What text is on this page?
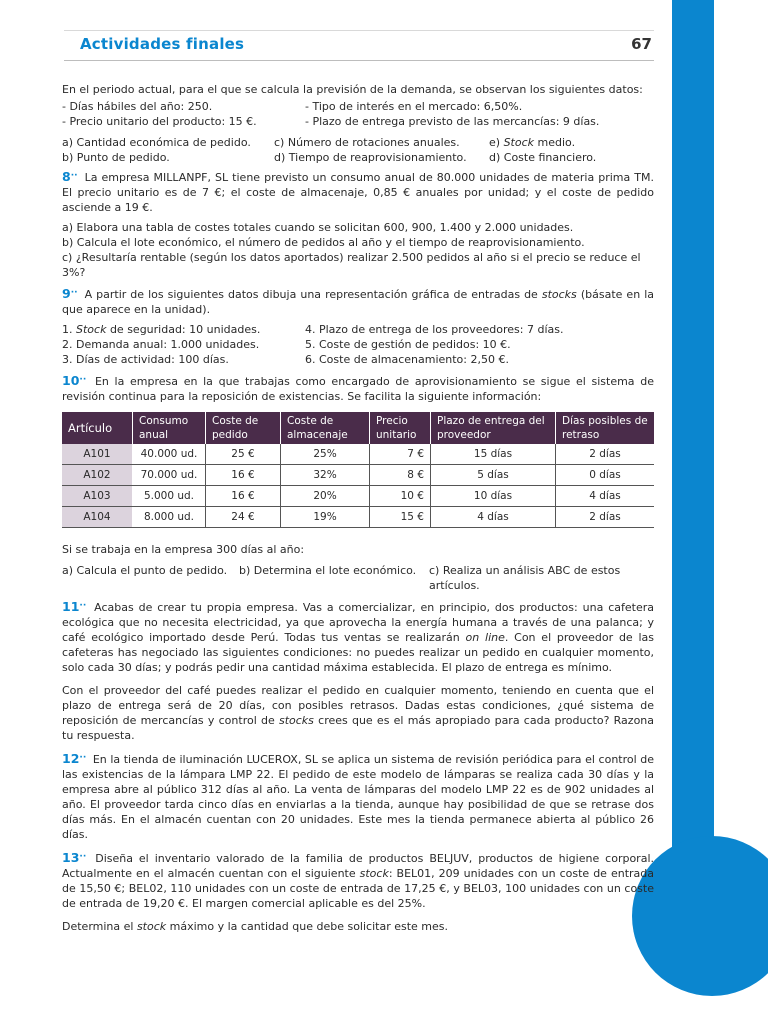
Actividades finales	67

En el periodo actual, para el que se calcula la previsión de la demanda, se observan los siguientes datos:

- Días hábiles del año: 250.
- Precio unitario del producto: 15 €.
- Tipo de interés en el mercado: 6,50%.
- Plazo de entrega previsto de las mercancías: 9 días.
a) Cantidad económica de pedido.
b) Punto de pedido.
c) Número de rotaciones anuales.
d) Tiempo de reaprovisionamiento.
e) Stock medio.
d) Coste financiero.

8·· La empresa MILLANPF, SL tiene previsto un consumo anual de 80.000 unidades de materia prima TM. El precio unitario es de 7 €; el coste de almacenaje, 0,85 € anuales por unidad; y el coste de pedido asciende a 19 €.

a) Elabora una tabla de costes totales cuando se solicitan 600, 900, 1.400 y 2.000 unidades.
b) Calcula el lote económico, el número de pedidos al año y el tiempo de reaprovisionamiento.
c) ¿Resultaría rentable (según los datos aportados) realizar 2.500 pedidos al año si el precio se reduce el 3%?

9·· A partir de los siguientes datos dibuja una representación gráfica de entradas de stocks (básate en la que aparece en la unidad).

1. Stock de seguridad: 10 unidades.
2. Demanda anual: 1.000 unidades.
3. Días de actividad: 100 días.
4. Plazo de entrega de los proveedores: 7 días.
5. Coste de gestión de pedidos: 10 €.
6. Coste de almacenamiento: 2,50 €.

10·· En la empresa en la que trabajas como encargado de aprovisionamiento se sigue el sistema de revisión continua para la reposición de existencias. Se facilita la siguiente información:

Artículo	Consumo anual	Coste de pedido	Coste de almacenaje	Precio unitario	Plazo de entrega del proveedor	Días posibles de retraso
A101	40.000 ud.	25 €	25%	7 €	15 días	2 días
A102	70.000 ud.	16 €	32%	8 €	5 días	0 días
A103	5.000 ud.	16 €	20%	10 €	10 días	4 días
A104	8.000 ud.	24 €	19%	15 €	4 días	2 días

Si se trabaja en la empresa 300 días al año:

a) Calcula el punto de pedido.	b) Determina el lote económico.	c) Realiza un análisis ABC de estos artículos.

11·· Acabas de crear tu propia empresa. Vas a comercializar, en principio, dos productos: una cafetera ecológica que no necesita electricidad, ya que aprovecha la energía humana a través de una palanca; y café ecológico importado desde Perú. Todas tus ventas se realizarán on line. Con el proveedor de las cafeteras has negociado las siguientes condiciones: no puedes realizar un pedido en cualquier momento, solo cada 30 días; y podrás pedir una cantidad máxima establecida. El plazo de entrega es mínimo.

Con el proveedor del café puedes realizar el pedido en cualquier momento, teniendo en cuenta que el plazo de entrega será de 20 días, con posibles retrasos. Dadas estas condiciones, ¿qué sistema de reposición de mercancías y control de stocks crees que es el más apropiado para cada producto? Razona tu respuesta.

12·· En la tienda de iluminación LUCEROX, SL se aplica un sistema de revisión periódica para el control de las existencias de la lámpara LMP 22. El pedido de este modelo de lámparas se realiza cada 30 días y la empresa abre al público 312 días al año. La venta de lámparas del modelo LMP 22 es de 902 unidades al año. El proveedor tarda cinco días en enviarlas a la tienda, aunque hay posibilidad de que se retrase dos días más. En el almacén cuentan con 20 unidades. Este mes la tienda permanece abierta al público 26 días.

13·· Diseña el inventario valorado de la familia de productos BELJUV, productos de higiene corporal. Actualmente en el almacén cuentan con el siguiente stock: BEL01, 209 unidades con un coste de entrada de 15,50 €; BEL02, 110 unidades con un coste de entrada de 17,25 €, y BEL03, 100 unidades con un coste de entrada de 19,20 €. El margen comercial aplicable es del 25%.

Determina el stock máximo y la cantidad que debe solicitar este mes.
